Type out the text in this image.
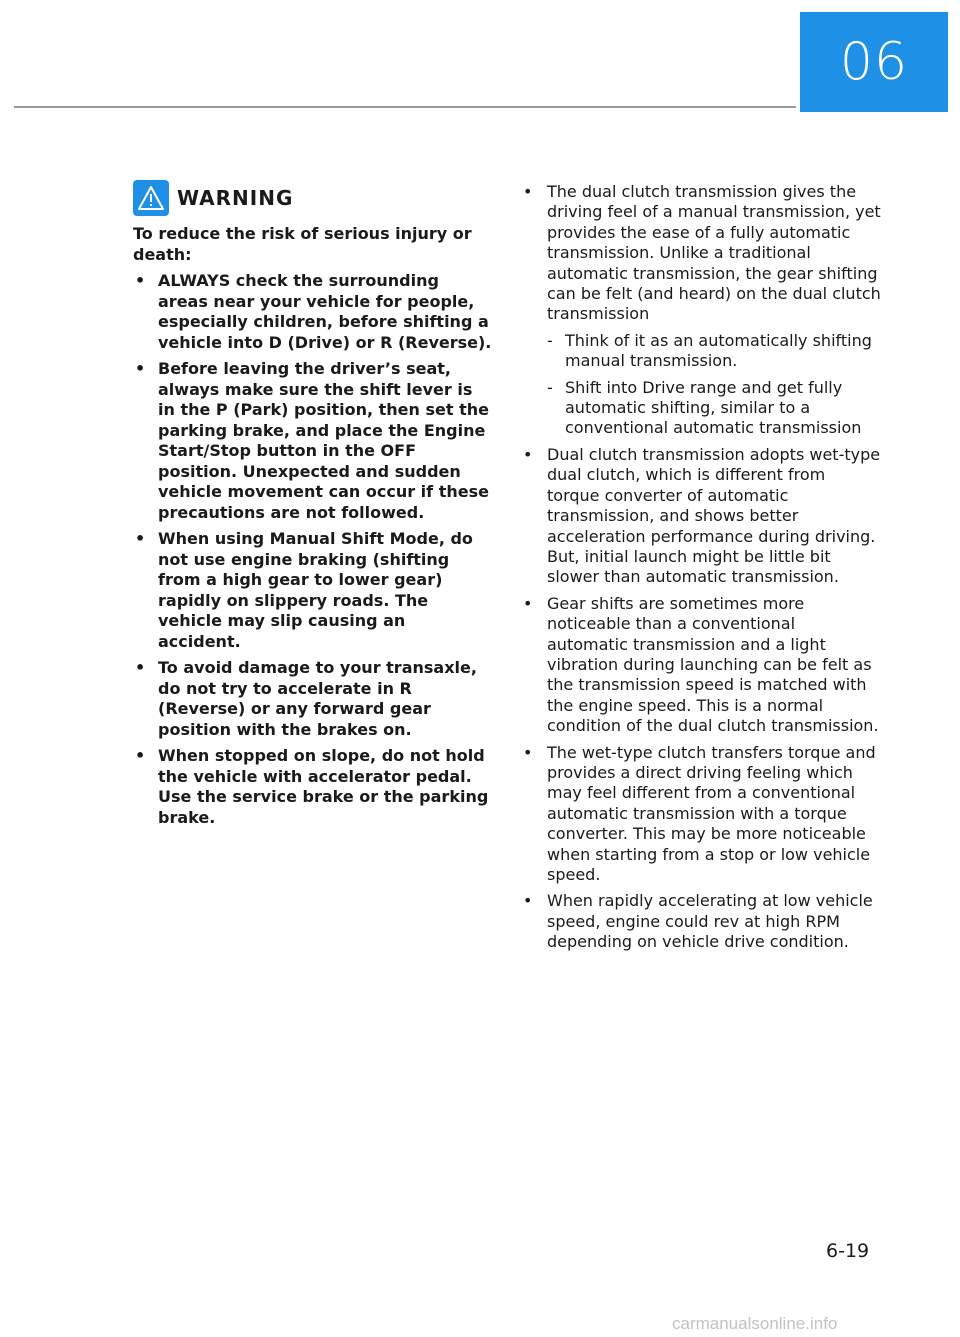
06
WARNING

To reduce the risk of serious injury or death:

• ALWAYS check the surrounding areas near your vehicle for people, especially children, before shifting a vehicle into D (Drive) or R (Reverse).
• Before leaving the driver’s seat, always make sure the shift lever is in the P (Park) position, then set the parking brake, and place the Engine Start/Stop button in the OFF position. Unexpected and sudden vehicle movement can occur if these precautions are not followed.
• When using Manual Shift Mode, do not use engine braking (shifting from a high gear to lower gear) rapidly on slippery roads. The vehicle may slip causing an accident.
• To avoid damage to your transaxle, do not try to accelerate in R (Reverse) or any forward gear position with the brakes on.
• When stopped on slope, do not hold the vehicle with accelerator pedal. Use the service brake or the parking brake.
• The dual clutch transmission gives the driving feel of a manual transmission, yet provides the ease of a fully automatic transmission. Unlike a traditional automatic transmission, the gear shifting can be felt (and heard) on the dual clutch transmission
- Think of it as an automatically shifting manual transmission.
- Shift into Drive range and get fully automatic shifting, similar to a conventional automatic transmission
• Dual clutch transmission adopts wet-type dual clutch, which is different from torque converter of automatic transmission, and shows better acceleration performance during driving. But, initial launch might be little bit slower than automatic transmission.
• Gear shifts are sometimes more noticeable than a conventional automatic transmission and a light vibration during launching can be felt as the transmission speed is matched with the engine speed. This is a normal condition of the dual clutch transmission.
• The wet-type clutch transfers torque and provides a direct driving feeling which may feel different from a conventional automatic transmission with a torque converter. This may be more noticeable when starting from a stop or low vehicle speed.
• When rapidly accelerating at low vehicle speed, engine could rev at high RPM depending on vehicle drive condition.
6-19
carmanualsonline.info
